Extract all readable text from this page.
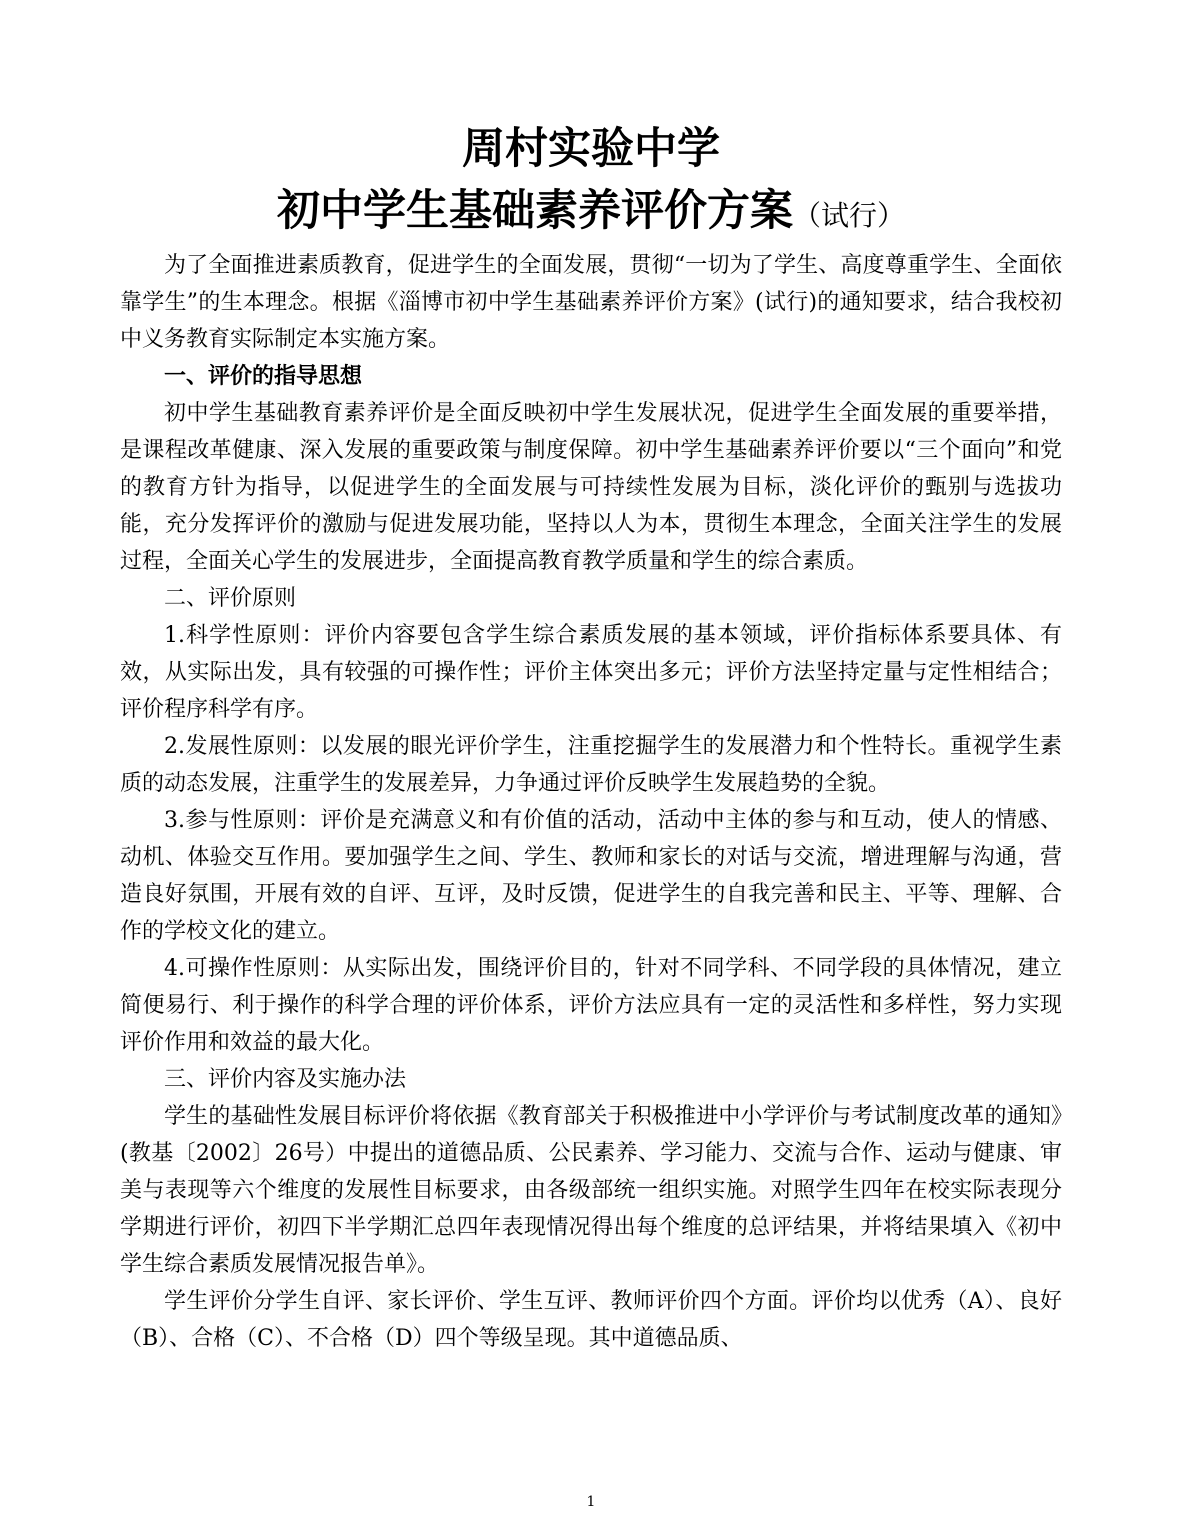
周村实验中学
初中学生基础素养评价方案（试行）

为了全面推进素质教育，促进学生的全面发展，贯彻“一切为了学生、高度尊重学生、全面依靠学生”的生本理念。根据《淄博市初中学生基础素养评价方案》(试行)的通知要求，结合我校初中义务教育实际制定本实施方案。

一、评价的指导思想

初中学生基础教育素养评价是全面反映初中学生发展状况，促进学生全面发展的重要举措，是课程改革健康、深入发展的重要政策与制度保障。初中学生基础素养评价要以“三个面向”和党的教育方针为指导，以促进学生的全面发展与可持续性发展为目标，淡化评价的甄别与选拔功能，充分发挥评价的激励与促进发展功能，坚持以人为本，贯彻生本理念，全面关注学生的发展过程，全面关心学生的发展进步，全面提高教育教学质量和学生的综合素质。

二、评价原则

1.科学性原则：评价内容要包含学生综合素质发展的基本领域，评价指标体系要具体、有效，从实际出发，具有较强的可操作性；评价主体突出多元；评价方法坚持定量与定性相结合；评价程序科学有序。

2.发展性原则：以发展的眼光评价学生，注重挖掘学生的发展潜力和个性特长。重视学生素质的动态发展，注重学生的发展差异，力争通过评价反映学生发展趋势的全貌。

3.参与性原则：评价是充满意义和有价值的活动，活动中主体的参与和互动，使人的情感、动机、体验交互作用。要加强学生之间、学生、教师和家长的对话与交流，增进理解与沟通，营造良好氛围，开展有效的自评、互评，及时反馈，促进学生的自我完善和民主、平等、理解、合作的学校文化的建立。

4.可操作性原则：从实际出发，围绕评价目的，针对不同学科、不同学段的具体情况，建立简便易行、利于操作的科学合理的评价体系，评价方法应具有一定的灵活性和多样性，努力实现评价作用和效益的最大化。

三、评价内容及实施办法

学生的基础性发展目标评价将依据《教育部关于积极推进中小学评价与考试制度改革的通知》(教基〔2002〕26号）中提出的道德品质、公民素养、学习能力、交流与合作、运动与健康、审美与表现等六个维度的发展性目标要求，由各级部统一组织实施。对照学生四年在校实际表现分学期进行评价，初四下半学期汇总四年表现情况得出每个维度的总评结果，并将结果填入《初中学生综合素质发展情况报告单》。

学生评价分学生自评、家长评价、学生互评、教师评价四个方面。评价均以优秀（A）、良好（B）、合格（C）、不合格（D）四个等级呈现。其中道德品质、

1
